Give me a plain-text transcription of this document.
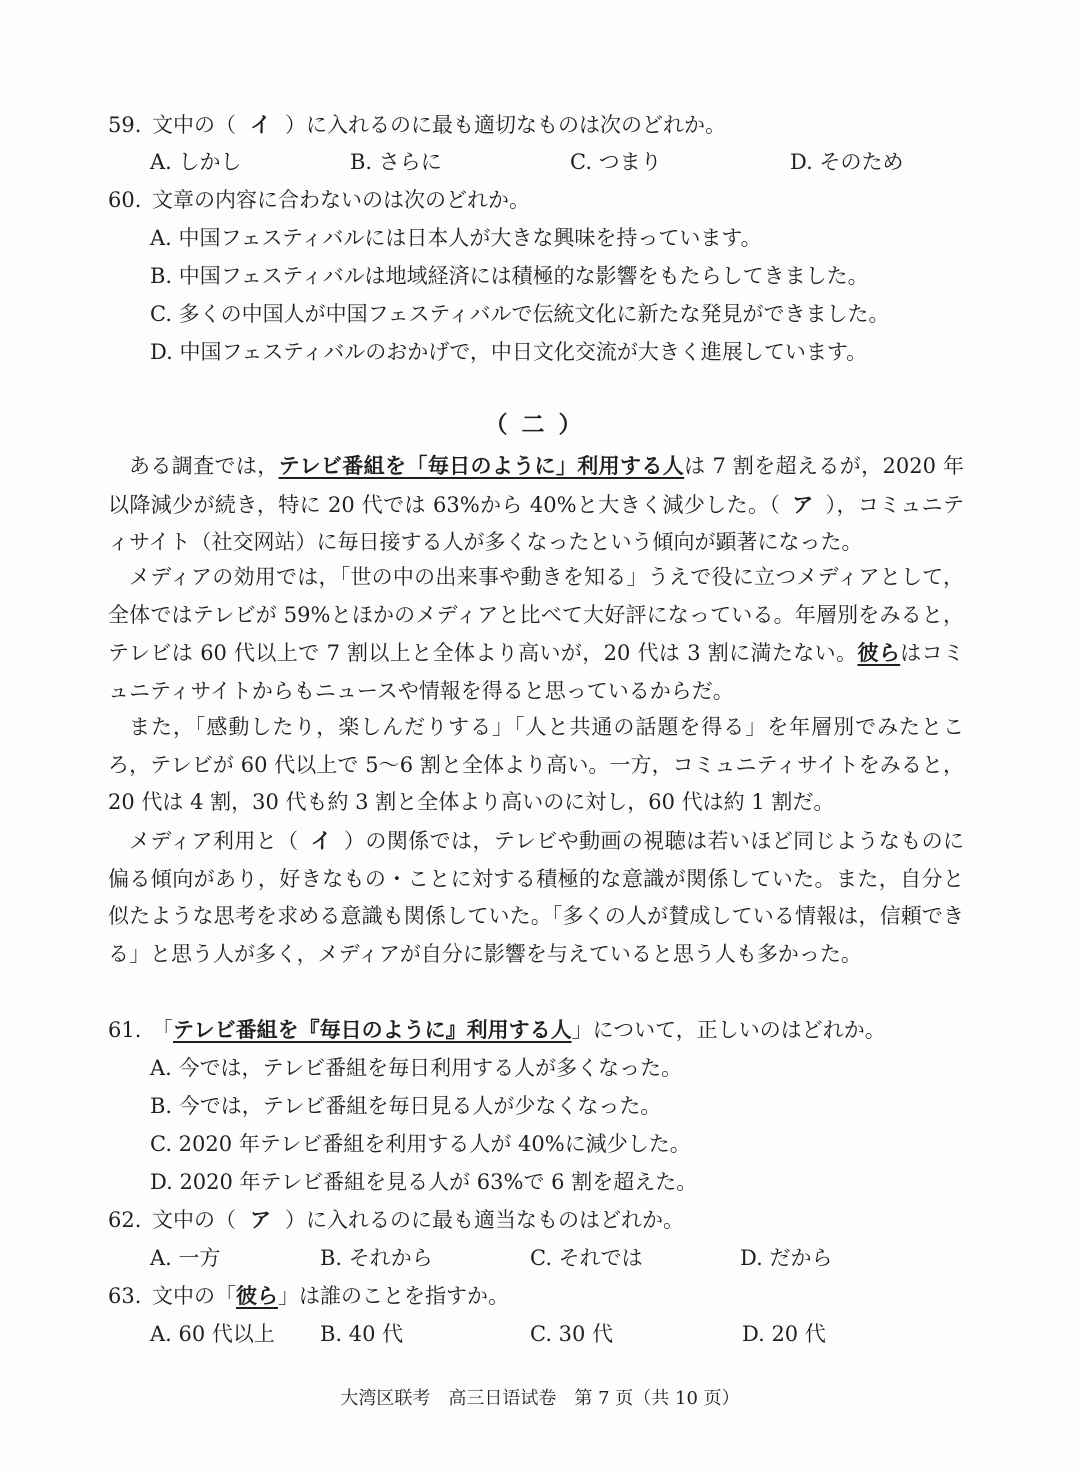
59. 文中の（ イ ）に入れるのに最も適切なものは次のどれか。
A. しかし	B. さらに	C. つまり	D. そのため
60. 文章の内容に合わないのは次のどれか。
A. 中国フェスティバルには日本人が大きな興味を持っています。
B. 中国フェスティバルは地域経済には積極的な影響をもたらしてきました。
C. 多くの中国人が中国フェスティバルで伝統文化に新たな発見ができました。
D. 中国フェスティバルのおかげで，中日文化交流が大きく進展しています。
（二）
ある調査では，テレビ番組を「毎日のように」利用する人は 7 割を超えるが，2020 年以降減少が続き，特に 20 代では 63%から 40%と大きく減少した。（ ア ），コミュニティサイト（社交网站）に毎日接する人が多くなったという傾向が顕著になった。
メディアの効用では，「世の中の出来事や動きを知る」うえで役に立つメディアとして，全体ではテレビが 59%とほかのメディアと比べて大好評になっている。年層別をみると，テレビは 60 代以上で 7 割以上と全体より高いが，20 代は 3 割に満たない。彼らはコミュニティサイトからもニュースや情報を得ると思っているからだ。
また，「感動したり，楽しんだりする」「人と共通の話題を得る」を年層別でみたところ，テレビが 60 代以上で 5～6 割と全体より高い。一方，コミュニティサイトをみると，20 代は 4 割，30 代も約 3 割と全体より高いのに対し，60 代は約 1 割だ。
メディア利用と（ イ ）の関係では，テレビや動画の視聴は若いほど同じようなものに偏る傾向があり，好きなもの・ことに対する積極的な意識が関係していた。また，自分と似たような思考を求める意識も関係していた。「多くの人が賛成している情報は，信頼できる」と思う人が多く，メディアが自分に影響を与えていると思う人も多かった。
61. 「テレビ番組を『毎日のように』利用する人」について，正しいのはどれか。
A. 今では，テレビ番組を毎日利用する人が多くなった。
B. 今では，テレビ番組を毎日見る人が少なくなった。
C. 2020 年テレビ番組を利用する人が 40%に減少した。
D. 2020 年テレビ番組を見る人が 63%で 6 割を超えた。
62. 文中の（ ア ）に入れるのに最も適当なものはどれか。
A. 一方	B. それから	C. それでは	D. だから
63. 文中の「彼ら」は誰のことを指すか。
A. 60 代以上 B. 40 代	C. 30 代	D. 20 代
大湾区联考　高三日语试卷　第 7 页（共 10 页）
